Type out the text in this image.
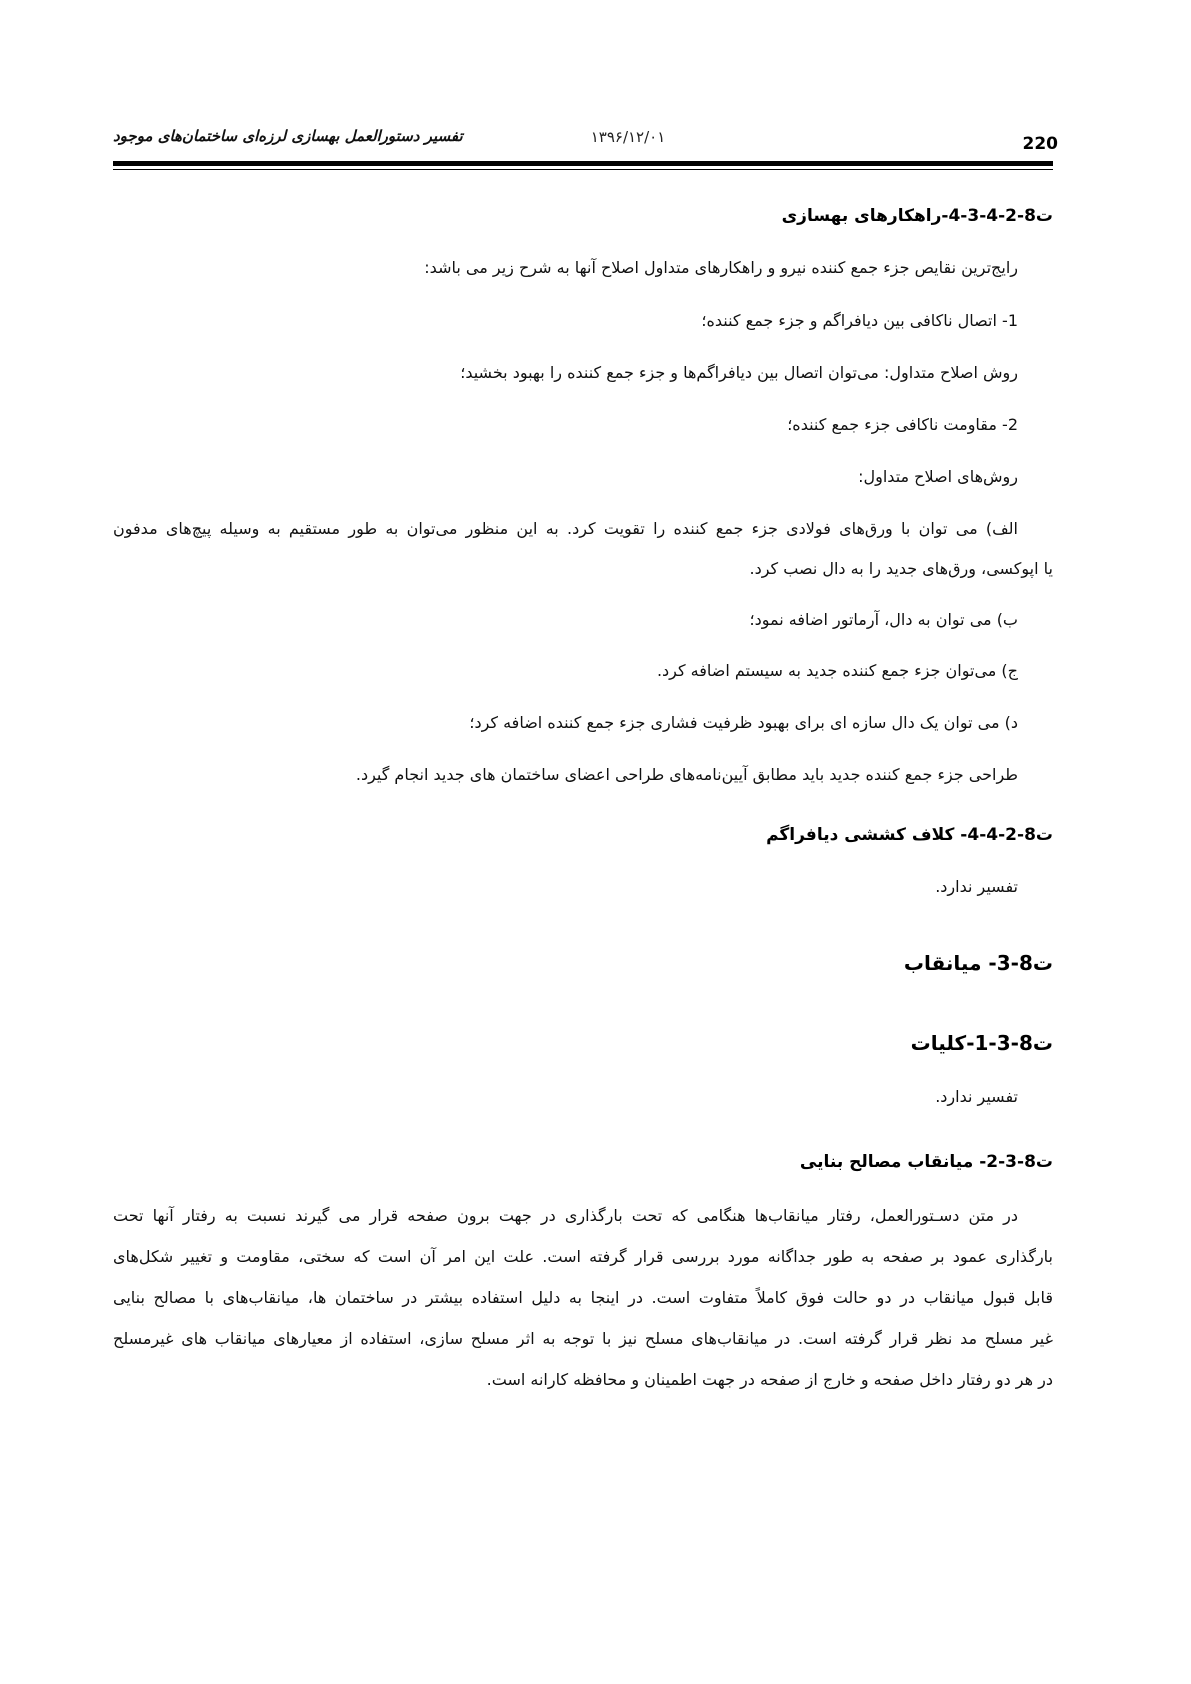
220
۱۳۹۶/۱۲/۰۱
تفسیر دستورالعمل بهسازی لرزه‌ای ساختمان‌های موجود
ت8-2-4-3-4-راهکارهای بهسازی
رایج‌ترین نقایص جزء جمع کننده نیرو و راهکارهای متداول اصلاح آنها به شرح زیر می باشد:
1- اتصال ناکافی بین دیافراگم و جزء جمع کننده؛
روش اصلاح متداول: می‌توان اتصال بین دیافراگم‌ها و جزء جمع کننده را بهبود بخشید؛
2- مقاومت ناکافی جزء جمع کننده؛
روش‌های اصلاح متداول:
الف) می توان با ورق‌های فولادی جزء جمع کننده را تقویت کرد. به این منظور می‌توان به طور مستقیم به وسیله پیچ‌های مدفون
یا اپوکسی، ورق‌های جدید را به دال نصب کرد.
ب) می توان به دال، آرماتور اضافه نمود؛
ج) می‌توان جزء جمع کننده جدید به سیستم اضافه کرد.
د) می توان یک دال سازه ای برای بهبود ظرفیت فشاری جزء جمع کننده اضافه کرد؛
طراحی جزء جمع کننده جدید باید مطابق آیین‌نامه‌های طراحی اعضای ساختمان های جدید انجام گیرد.
ت8-2-4-4- کلاف کششی دیافراگم
تفسیر ندارد.
ت8-3- میانقاب
ت8-3-1-کلیات
تفسیر ندارد.
ت8-3-2- میانقاب مصالح بنایی
در متن دسـتورالعمل، رفتار میانقاب‌ها هنگامی که تحت بارگذاری در جهت برون صفحه قرار می گیرند نسبت به رفتار آنها تحت
بارگذاری عمود بر صفحه به طور جداگانه مورد بررسی قرار گرفته است. علت این امر آن است که سختی، مقاومت و تغییر شکل‌های
قابل قبول میانقاب در دو حالت فوق کاملاً متفاوت است. در اینجا به دلیل استفاده بیشتر در ساختمان ها، میانقاب‌های با مصالح بنایی
غیر مسلح مد نظر قرار گرفته است. در میانقاب‌های مسلح نیز با توجه به اثر مسلح سازی، استفاده از معیارهای میانقاب های غیرمسلح
در هر دو رفتار داخل صفحه و خارج از صفحه در جهت اطمینان و محافظه کارانه است.
